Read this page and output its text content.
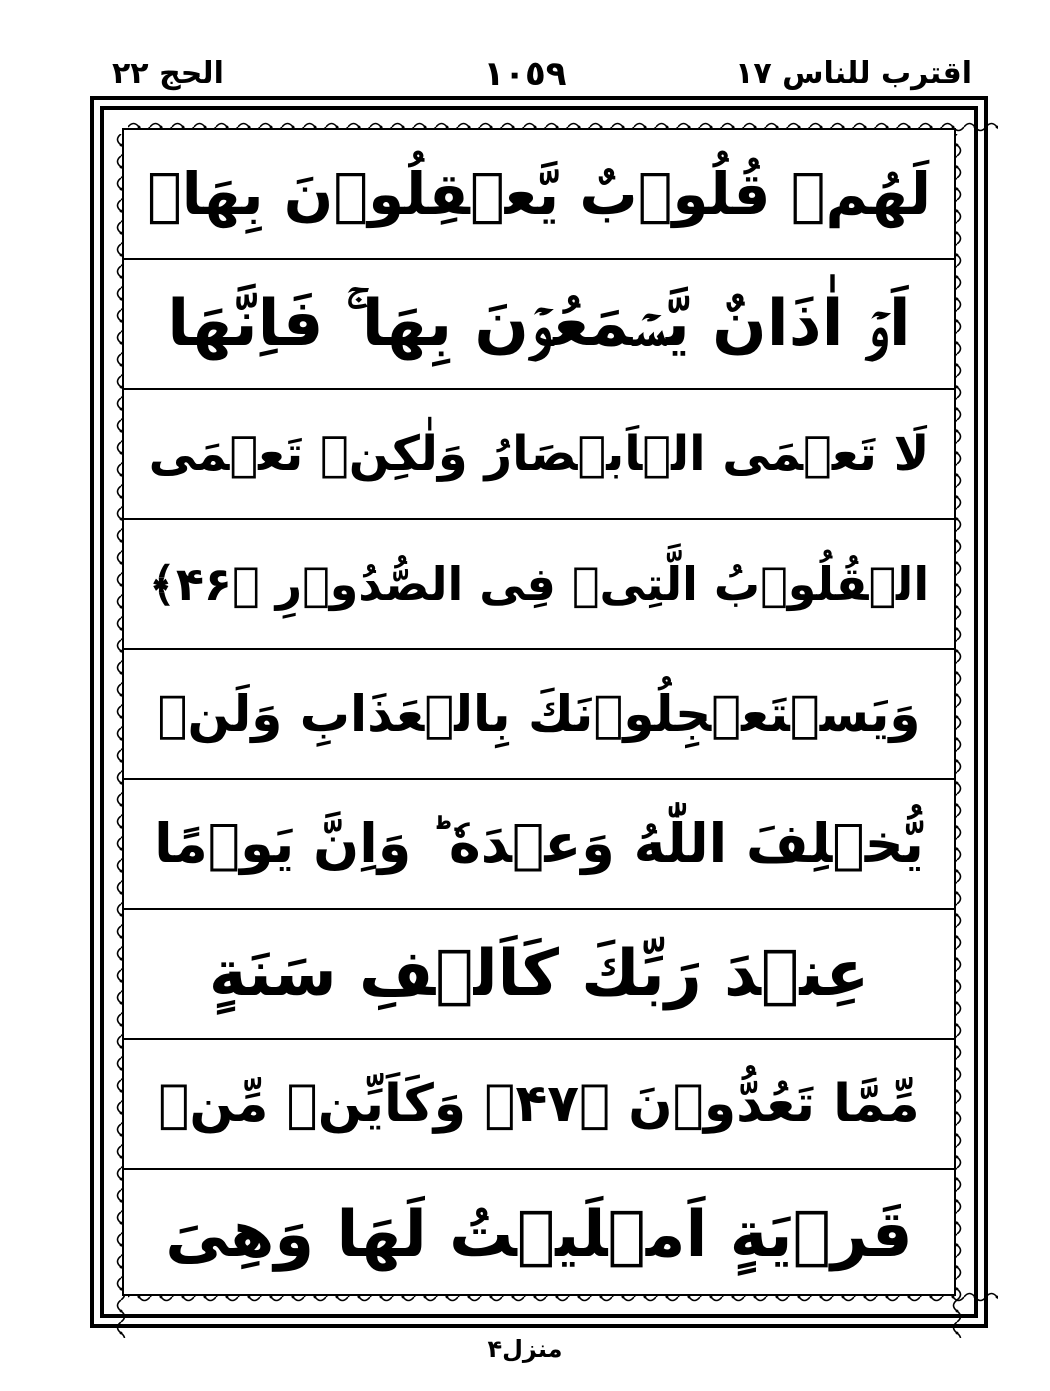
الحج ٢٢	١٠٥٩	اقترب للناس ١٧
لَهُمۡ قُلُوۡبٌ يَّعۡقِلُوۡنَ بِهَاۤ
اَوۡ اٰذَانٌ يَّسۡمَعُوۡنَ بِهَا ۚ فَاِنَّهَا
لَا تَعۡمَى الۡاَبۡصَارُ وَلٰكِنۡ تَعۡمَى
الۡقُلُوۡبُ الَّتِىۡ فِى الصُّدُوۡرِ ﴿۴۶﴾
وَيَسۡتَعۡجِلُوۡنَكَ بِالۡعَذَابِ وَلَنۡ
يُّخۡلِفَ اللّٰهُ وَعۡدَهٗ ؕ وَاِنَّ يَوۡمًا
عِنۡدَ رَبِّكَ كَاَلۡفِ سَنَةٍ
مِّمَّا تَعُدُّوۡنَ ﴿۴۷﴾ وَكَاَيِّنۡ مِّنۡ
قَرۡيَةٍ اَمۡلَيۡتُ لَهَا وَهِىَ
منزل۴
